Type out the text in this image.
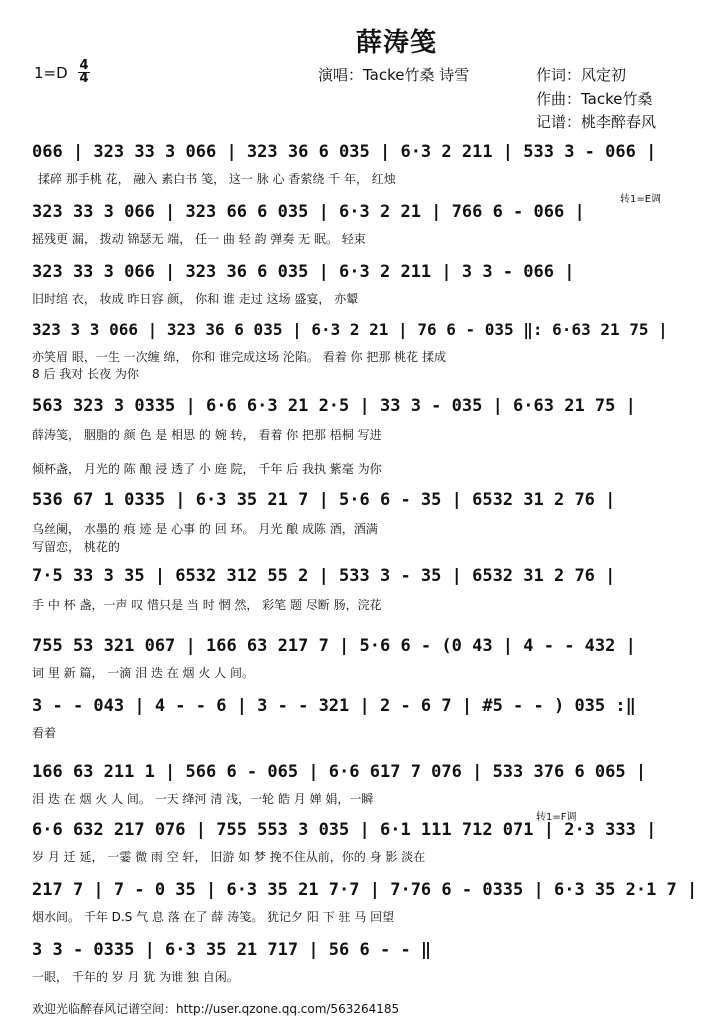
薛涛笺
$1=D \frac{4}{4}$	演唱：Tacke竹桑 诗雪	作词：风定初
作曲：Tacke竹桑
记谱：桃李醉春风
066 | 323 33 3 066 | 323 36 6 035 | 6·3 2 211 | 533 3 - 066 |
揉碎 那手桃 花， 融入 素白书 笺， 这一 脉 心 香萦绕 千 年， 红烛
转1=E调
323 33 3 066 | 323 66 6 035 | 6·3 2 21 | 766 6 - 066 |
摇残更 漏， 拨动 锦瑟无 端， 任一 曲 轻 韵 弹奏 无 眠。 轻束
323 33 3 066 | 323 36 6 035 | 6·3 2 211 | 3 3 - 066 |
旧时绾 衣， 妆成 昨日容 颜， 你和 谁 走过 这场 盛宴， 亦颦
323 3 3 066 | 323 36 6 035 | 6·3 2 21 | 76 6 - 035 ‖: 6·63 21 75 |
亦笑眉 眼，一生 一次缠 绵， 你和 谁完成这场 沦陷。 看着 你 把那 桃花 揉成
8 后 我对 长夜 为你
563 323 3 0335 | 6·6 6·3 21 2·5 | 33 3 - 035 | 6·63 21 75 |
薛涛笺， 胭脂的 颜 色 是 相思 的 婉 转， 看着 你 把那 梧桐 写进
倾杯盏， 月光的 陈 酿 浸 透了 小 庭 院， 千年 后 我执 紫毫 为你
536 67 1 0335 | 6·3 35 21 7 | 5·6 6 - 35 | 6532 31 2 76 |
乌丝阑， 水墨的 痕 迹 是 心事 的 回 环。 月光 酿 成陈 酒，酒满
写留恋， 桃花的
7·5 33 3 35 | 6532 312 55 2 | 533 3 - 35 | 6532 31 2 76 |
手 中 杯 盏，一声 叹 惜只是 当 时 惘 然， 彩笔 题 尽断 肠，浣花
755 53 321 067 | 166 63 217 7 | 5·6 6 - (0 43 | 4 - - 432 |
词 里 新 篇， 一滴 泪 迭 在 烟 火 人 间。
3 - - 043 | 4 - - 6 | 3 - - 321 | 2 - 6 7 | #5 - - ) 035 :‖
看着
166 63 211 1 | 566 6 - 065 | 6·6 617 7 076 | 533 376 6 065 |
泪 迭 在 烟 火 人 间。 一天 绛河 清 浅，一轮 皓 月 婵 娟，一瞬
转1=F调
6·6 632 217 076 | 755 553 3 035 | 6·1 111 712 071 | 2·3 333 |
岁 月 迁 延， 一霎 微 雨 空 轩， 旧游 如 梦 挽不住从前，你的 身 影 淡在
217 7 | 7 - 0 35 | 6·3 35 21 7·7 | 7·76 6 - 0335 | 6·3 35 2·1 7 |
烟水间。 千年 D.S 气 息 落 在了 薛 涛笺。 犹记夕 阳 下 驻 马 回望
3 3 - 0335 | 6·3 35 21 717 | 56 6 - - ‖
一眼， 千年的 岁 月 犹 为谁 独 自闲。
欢迎光临醉春风记谱空间：http://user.qzone.qq.com/563264185
